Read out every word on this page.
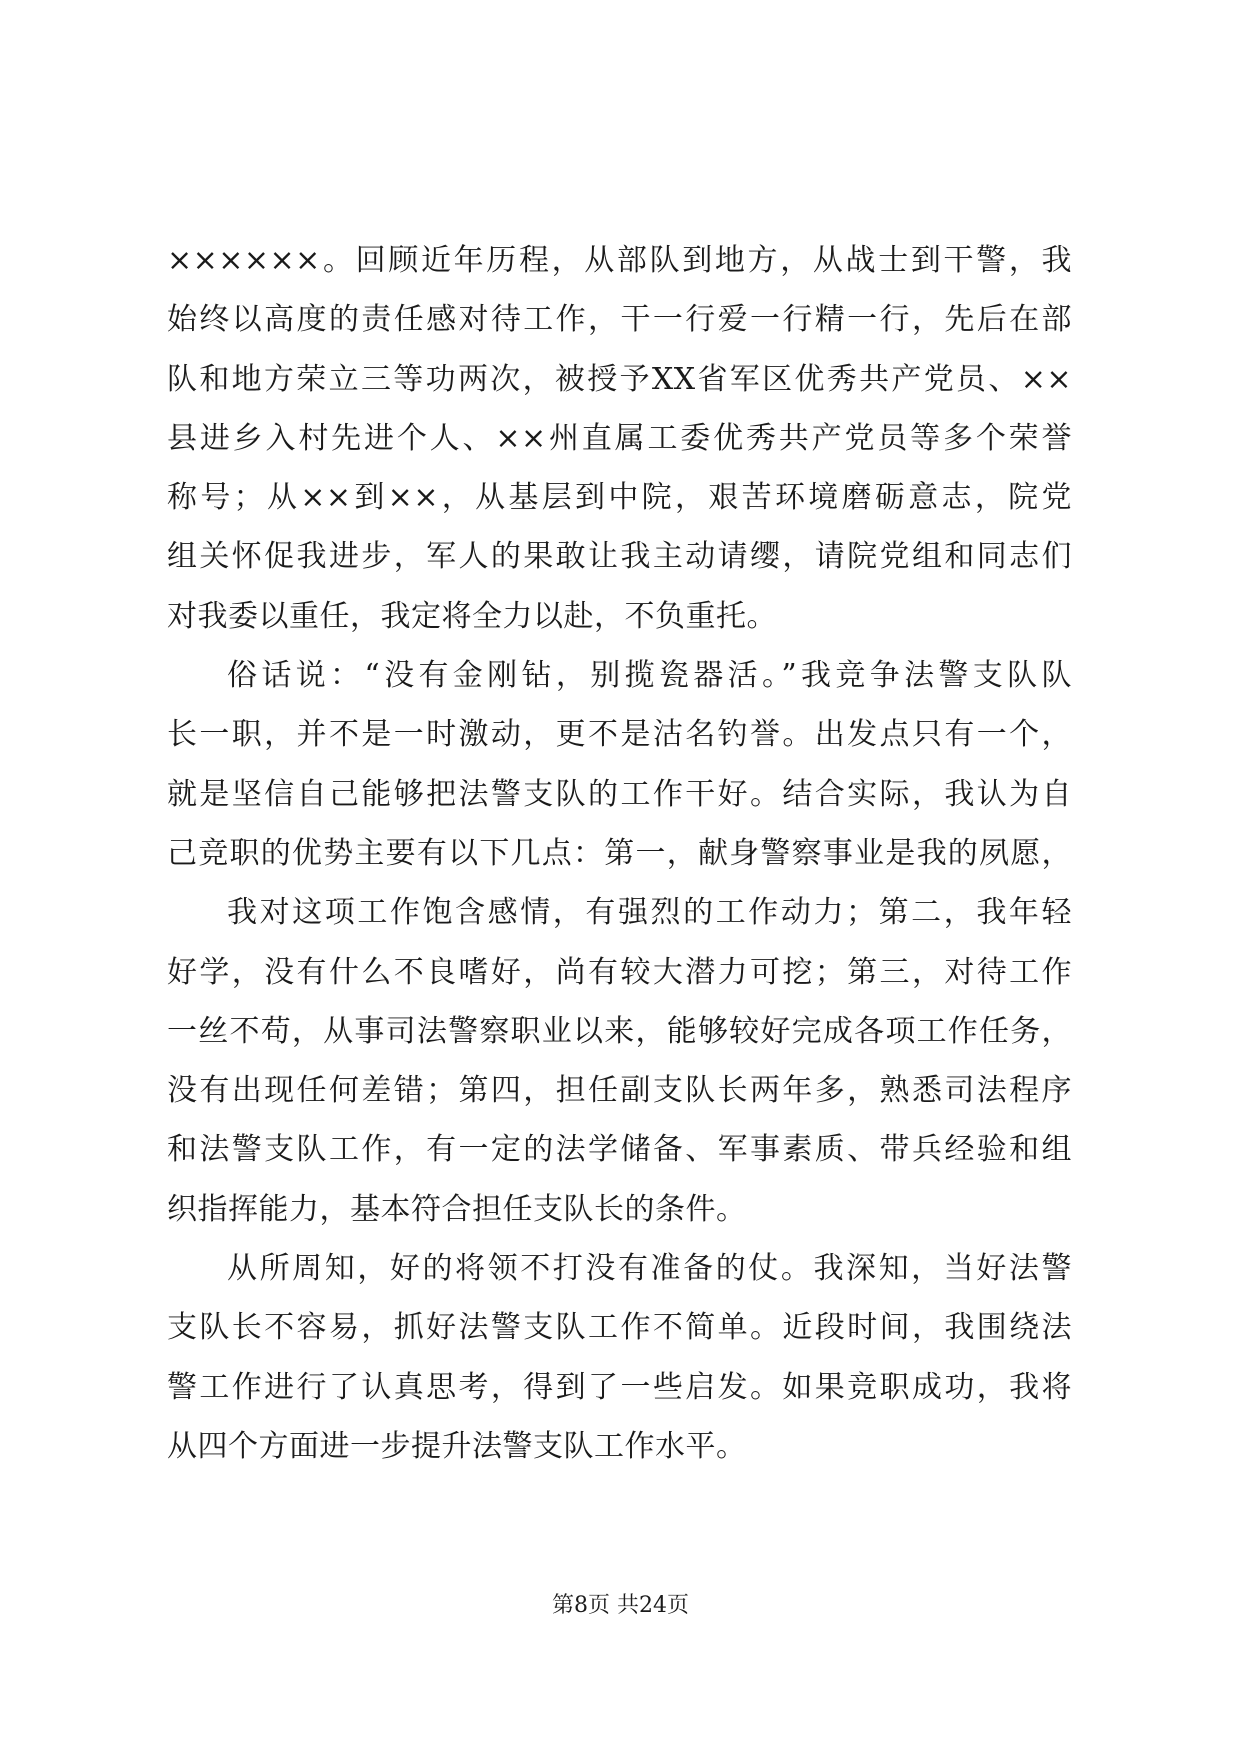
××××××。回顾近年历程，从部队到地方，从战士到干警，我
始终以高度的责任感对待工作，干一行爱一行精一行，先后在部
队和地方荣立三等功两次，被授予XX省军区优秀共产党员、××
县进乡入村先进个人、××州直属工委优秀共产党员等多个荣誉
称号；从××到××，从基层到中院，艰苦环境磨砺意志，院党
组关怀促我进步，军人的果敢让我主动请缨，请院党组和同志们
对我委以重任，我定将全力以赴，不负重托。
俗话说：“没有金刚钻，别揽瓷器活。”我竞争法警支队队
长一职，并不是一时激动，更不是沽名钓誉。出发点只有一个，
就是坚信自己能够把法警支队的工作干好。结合实际，我认为自
己竞职的优势主要有以下几点：第一，献身警察事业是我的夙愿，
我对这项工作饱含感情，有强烈的工作动力；第二，我年轻
好学，没有什么不良嗜好，尚有较大潜力可挖；第三，对待工作
一丝不苟，从事司法警察职业以来，能够较好完成各项工作任务，
没有出现任何差错；第四，担任副支队长两年多，熟悉司法程序
和法警支队工作，有一定的法学储备、军事素质、带兵经验和组
织指挥能力，基本符合担任支队长的条件。
从所周知，好的将领不打没有准备的仗。我深知，当好法警
支队长不容易，抓好法警支队工作不简单。近段时间，我围绕法
警工作进行了认真思考，得到了一些启发。如果竞职成功，我将
从四个方面进一步提升法警支队工作水平。
第8页 共24页
